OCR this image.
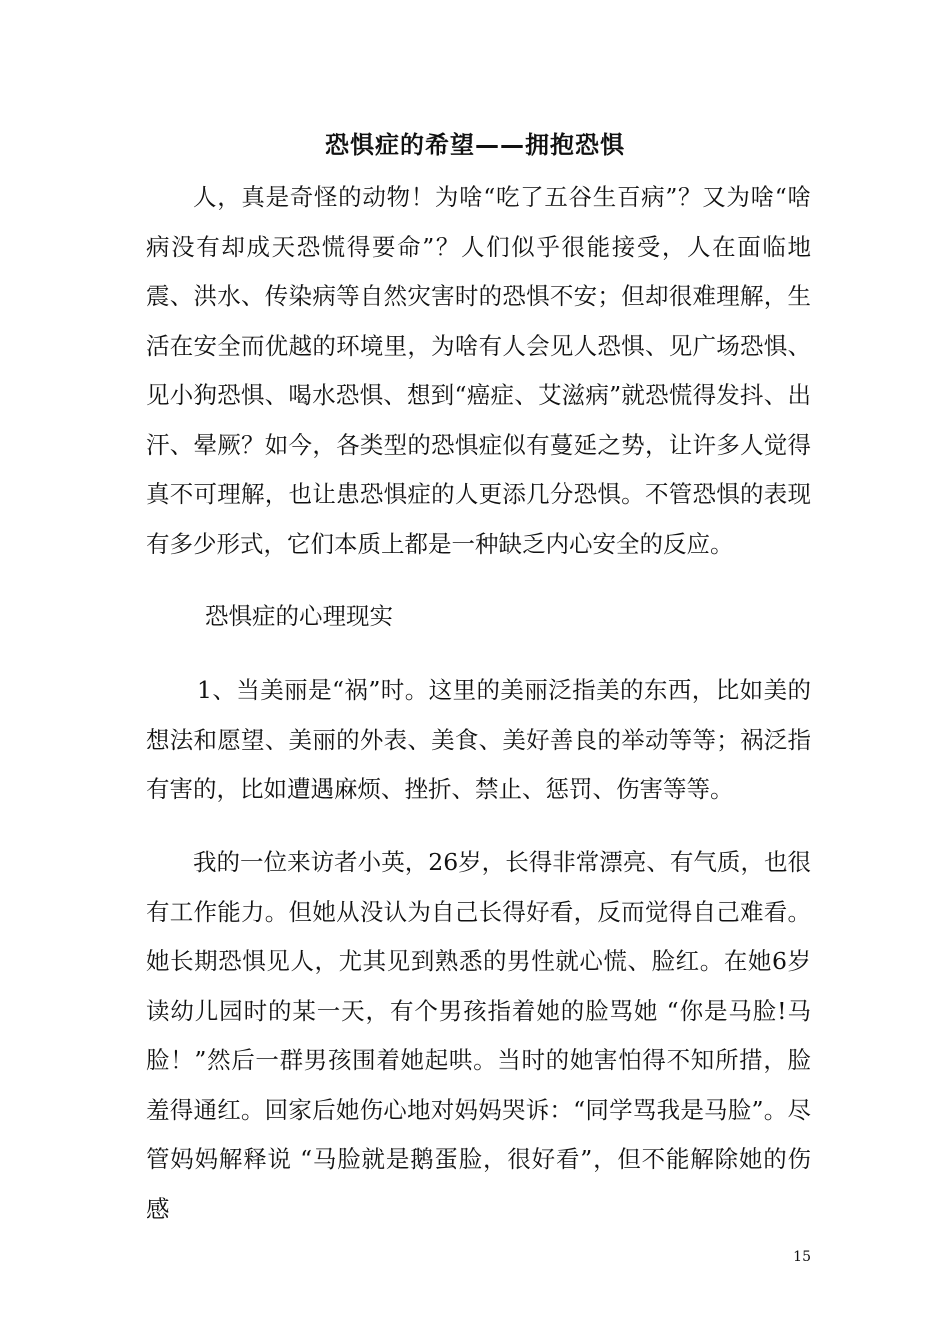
恐惧症的希望——拥抱恐惧

人，真是奇怪的动物！为啥“吃了五谷生百病”？又为啥“啥病没有却成天恐慌得要命”？人们似乎很能接受，人在面临地震、洪水、传染病等自然灾害时的恐惧不安；但却很难理解，生活在安全而优越的环境里，为啥有人会见人恐惧、见广场恐惧、见小狗恐惧、喝水恐惧、想到“癌症、艾滋病”就恐慌得发抖、出汗、晕厥？如今，各类型的恐惧症似有蔓延之势，让许多人觉得真不可理解，也让患恐惧症的人更添几分恐惧。不管恐惧的表现有多少形式，它们本质上都是一种缺乏内心安全的反应。

恐惧症的心理现实

1、当美丽是“祸”时。这里的美丽泛指美的东西，比如美的想法和愿望、美丽的外表、美食、美好善良的举动等等；祸泛指有害的，比如遭遇麻烦、挫折、禁止、惩罚、伤害等等。

我的一位来访者小英，26岁，长得非常漂亮、有气质，也很有工作能力。但她从没认为自己长得好看，反而觉得自己难看。她长期恐惧见人，尤其见到熟悉的男性就心慌、脸红。在她6岁读幼儿园时的某一天，有个男孩指着她的脸骂她 “你是马脸!马脸！”然后一群男孩围着她起哄。当时的她害怕得不知所措，脸羞得通红。回家后她伤心地对妈妈哭诉：“同学骂我是马脸”。尽管妈妈解释说 “马脸就是鹅蛋脸，很好看”，但不能解除她的伤感

15
